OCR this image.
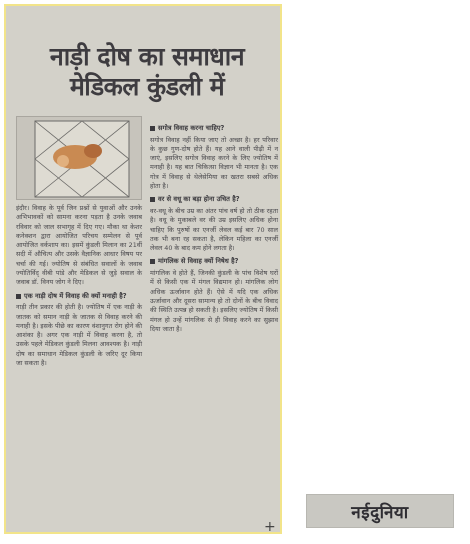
नाड़ी दोष का समाधान
मेडिकल कुंडली में

इंदौर। विवाह के पूर्व जिन प्रश्नों से युवाओं और उनके अभिभावकों को सामना करना पड़ता है उनके जवाब रविवार को जाल सभागृह में दिए गए। मौका था केशर कनेक्शन द्वारा आयोजित परिचय सम्मेलन से पूर्व आयोजित वर्कशाप का। इसमें कुंडली मिलान का 21वीं सदी में औचित्य और उसके वैज्ञानिक आधार विषय पर चर्चा की गई। ज्योतिष से संबंधित सवालों के जवाब ज्योतिर्विद् वीबी पांडे और मेडिकल से जुड़े सवाल के जवाब डॉ. विनय जोग ने दिए।

एक नाड़ी दोष में विवाह की क्यों मनाही है?

नाड़ी तीन प्रकार की होती है। ज्योतिष में एक नाड़ी के जातक को समान नाड़ी के जातक से विवाह करने की मनाही है। इसके पीछे का कारण वंशानुगत रोग होने की आशंका है। अगर एक नाड़ी में विवाह करना है, तो उसके पहले मेडिकल कुंडली मिलना आवश्यक है। नाड़ी दोष का समाधान मेडिकल कुंडली के जरिए दूर किया जा सकता है।

सगोत्र विवाह करना चाहिए?

सगोत्र विवाह नहीं किया जाए तो अच्छा है। हर परिवार के कुछ गुण-दोष होते हैं। यह आने वाली पीढ़ी में न जाएं, इसलिए सगोत्र विवाह करने के लिए ज्योतिष में मनाही है। यह बात चिकित्सा विज्ञान भी मानता है। एक गोत्र में विवाह से थेलेसेमिया का खतरा सबसे अधिक होता है।

वर से वधू का बड़ा होना उचित है?

वर-वधू के बीच उम्र का अंतर पांच वर्ष हो तो ठीक रहता है। वधू के मुकाबले वर की उम्र इसलिए अधिक होना चाहिए कि पुरुषों का एनर्जी लेवल कई बार 70 साल तक भी बना रह सकता है, लेकिन महिला का एनर्जी लेवल 40 के बाद कम होने लगता है।

मांगलिक से विवाह क्यों निषेध है?

मांगलिक वे होते हैं, जिनकी कुंडली के पांच विशेष घरों में से किसी एक में मंगल विद्यमान हो। मांगलिक लोग अधिक ऊर्जावान होते हैं। ऐसे में यदि एक अधिक ऊर्जावान और दूसरा सामान्य हो तो दोनों के बीच विवाद की स्थिति उत्पन्न हो सकती है। इसलिए ज्योतिष में किसी मंगल हो उन्हें मांगलिक से ही विवाह करने का सुझाव दिया जाता है।

+
नईदुनिया
